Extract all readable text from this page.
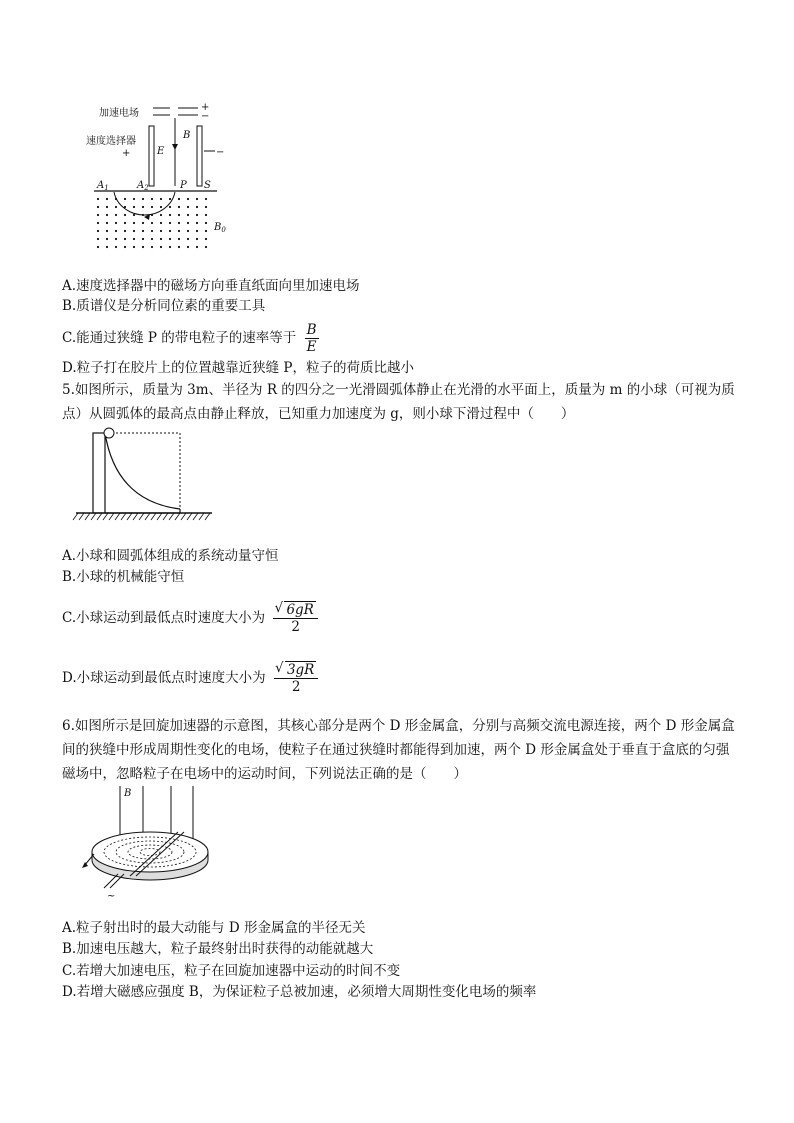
加速电场
+
−
速度选择器
+	E
B
−
$A_1$	$A_2$	P S
$B_0$
A.速度选择器中的磁场方向垂直纸面向里加速电场
B.质谱仪是分析同位素的重要工具
C.能通过狭缝 P 的带电粒子的速率等于 $\frac{B}{E}$
D.粒子打在胶片上的位置越靠近狭缝 P，粒子的荷质比越小
5.如图所示，质量为 3m、半径为 R 的四分之一光滑圆弧体静止在光滑的水平面上，质量为 m 的小球（可视为质点）从圆弧体的最高点由静止释放，已知重力加速度为 g，则小球下滑过程中（　　）
A.小球和圆弧体组成的系统动量守恒
B.小球的机械能守恒
C.小球运动到最低点时速度大小为 √ $\frac{6gR}{2}$
D.小球运动到最低点时速度大小为 √ $\frac{3gR}{2}$
6.如图所示是回旋加速器的示意图，其核心部分是两个 D 形金属盒，分别与高频交流电源连接，两个 D 形金属盒间的狭缝中形成周期性变化的电场，使粒子在通过狭缝时都能得到加速，两个 D 形金属盒处于垂直于盒底的匀强磁场中，忽略粒子在电场中的运动时间，下列说法正确的是（　　）
B
~
A.粒子射出时的最大动能与 D 形金属盒的半径无关
B.加速电压越大，粒子最终射出时获得的动能就越大
C.若增大加速电压，粒子在回旋加速器中运动的时间不变
D.若增大磁感应强度 B，为保证粒子总被加速，必须增大周期性变化电场的频率
